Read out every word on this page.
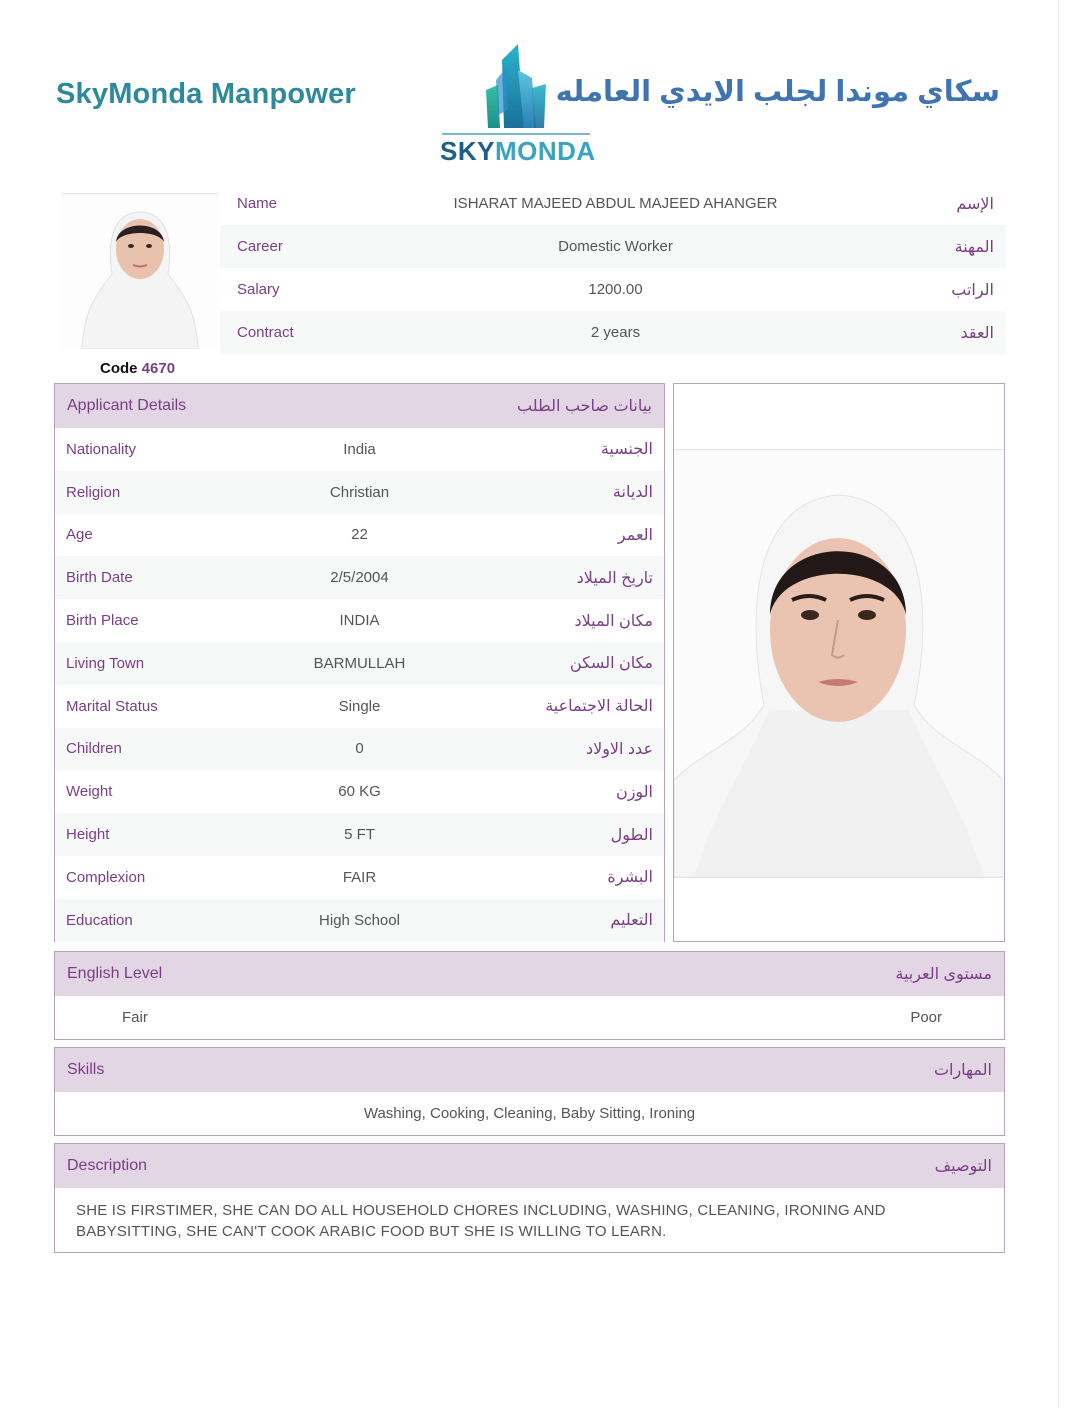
SkyMonda Manpower
SKYMONDA
سكاي موندا لجلب الايدي العامله
Code 4670
Name	ISHARAT MAJEED ABDUL MAJEED AHANGER	الإسم
Career	Domestic Worker	المهنة
Salary	1200.00	الراتب
Contract	2 years	العقد
Applicant Details	بيانات صاحب الطلب
Nationality	India	الجنسية
Religion	Christian	الديانة
Age	22	العمر
Birth Date	2/5/2004	تاريخ الميلاد
Birth Place	INDIA	مكان الميلاد
Living Town	BARMULLAH	مكان السكن
Marital Status	Single	الحالة الاجتماعية
Children	0	عدد الاولاد
Weight	60 KG	الوزن
Height	5 FT	الطول
Complexion	FAIR	البشرة
Education	High School	التعليم
English Level	مستوى العربية
Fair	Poor
Skills	المهارات
Washing, Cooking, Cleaning, Baby Sitting, Ironing
Description	التوصيف
SHE IS FIRSTIMER, SHE CAN DO ALL HOUSEHOLD CHORES INCLUDING, WASHING, CLEANING, IRONING AND BABYSITTING, SHE CAN'T COOK ARABIC FOOD BUT SHE IS WILLING TO LEARN.
